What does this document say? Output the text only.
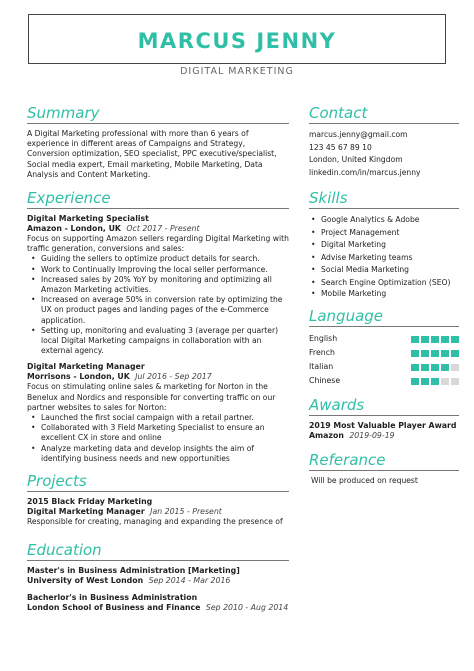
MARCUS JENNY
DIGITAL MARKETING
Summary
A Digital Marketing professional with more than 6 years of experience in different areas of Campaigns and Strategy, Conversion optimization, SEO specialist, PPC executive/specialist, Social media expert, Email marketing, Mobile Marketing, Data Analysis and Content Marketing.
Experience
Digital Marketing Specialist
Amazon - London, UK Oct 2017 - Present
Focus on supporting Amazon sellers regarding Digital Marketing with traffic generation, conversions and sales:
• Guiding the sellers to optimize product details for search.
• Work to Continually Improving the local seller performance.
• Increased sales by 20% YoY by monitoring and optimizing all Amazon Marketing activities.
• Increased on average 50% in conversion rate by optimizing the UX on product pages and landing pages of the e-Commerce application.
• Setting up, monitoring and evaluating 3 (average per quarter) local Digital Marketing campaigns in collaboration with an external agency.
Digital Marketing Manager
Morrisons - London, UK Jul 2016 - Sep 2017
Focus on stimulating online sales & marketing for Norton in the Benelux and Nordics and responsible for converting traffic on our partner websites to sales for Norton:
• Launched the first social campaign with a retail partner.
• Collaborated with 3 Field Marketing Specialist to ensure an excellent CX in store and online
• Analyze marketing data and develop insights the aim of identifying business needs and new opportunities
Projects
2015 Black Friday Marketing
Digital Marketing Manager Jan 2015 - Present
Responsible for creating, managing and expanding the presence of
Education
Master's in Business Administration [Marketing]
University of West London Sep 2014 - Mar 2016
Bacherlor's in Business Administration
London School of Business and Finance Sep 2010 - Aug 2014
Contact
marcus.jenny@gmail.com
123 45 67 89 10
London, United Kingdom
linkedin.com/in/marcus.jenny
Skills
• Google Analytics & Adobe
• Project Management
• Digital Marketing
• Advise Marketing teams
• Social Media Marketing
• Search Engine Optimization (SEO)
• Mobile Marketing
Language
English
French
Italian
Chinese
Awards
2019 Most Valuable Player Award
Amazon 2019-09-19
Referance
Will be produced on request
